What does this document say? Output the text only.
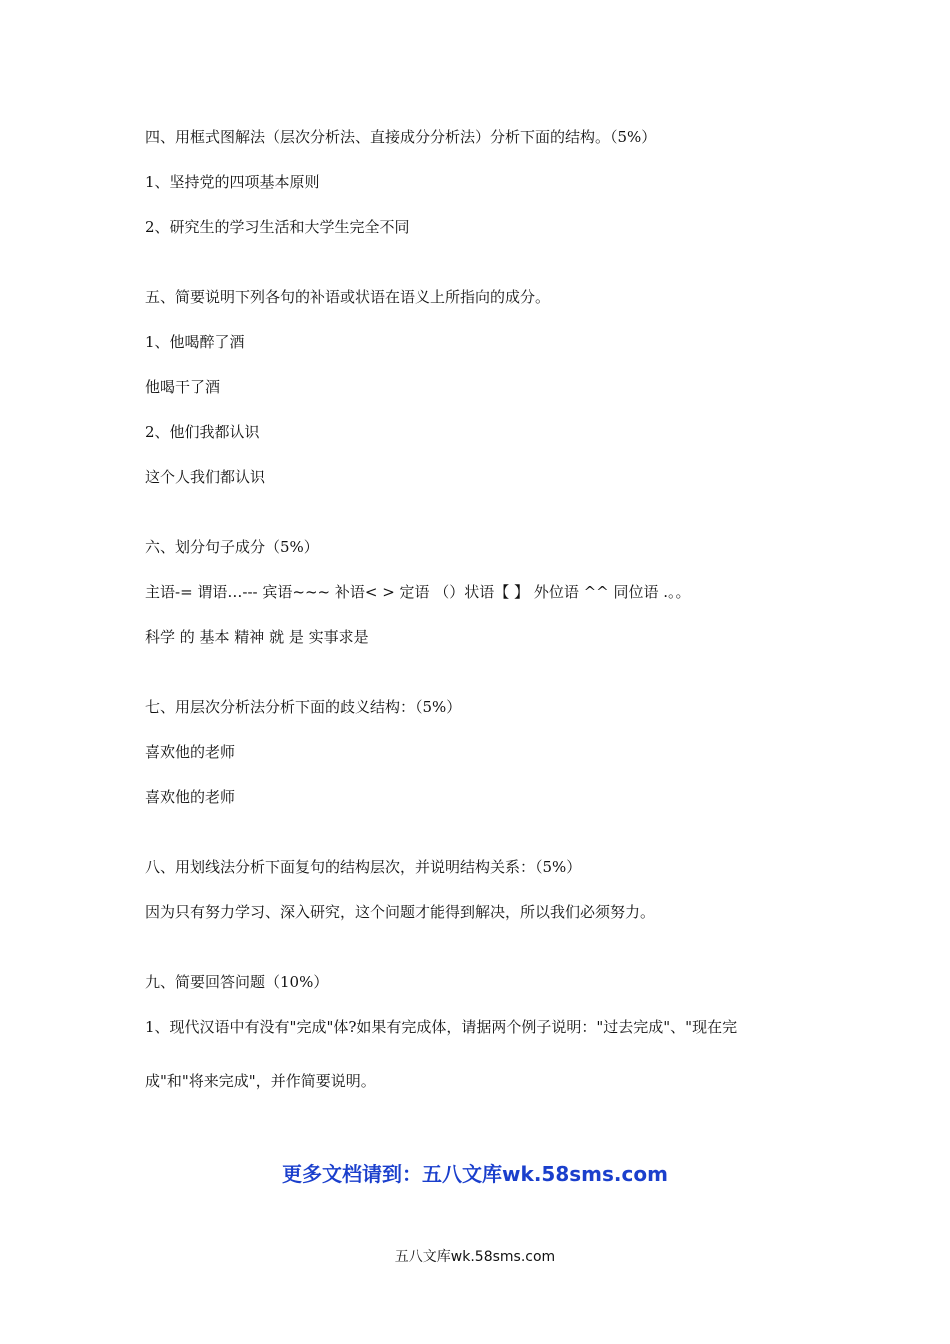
四、用框式图解法（层次分析法、直接成分分析法）分析下面的结构。（5%）
1、坚持党的四项基本原则
2、研究生的学习生活和大学生完全不同
五、简要说明下列各句的补语或状语在语义上所指向的成分。
1、他喝醉了酒
他喝干了酒
2、他们我都认识
这个人我们都认识
六、划分句子成分（5%）
主语-= 谓语…--- 宾语~~~ 补语< > 定语 （）状语【 】 外位语 ^^ 同位语 .。。
科学 的 基本 精神 就 是 实事求是
七、用层次分析法分析下面的歧义结构：（5%）
喜欢他的老师
喜欢他的老师
八、用划线法分析下面复句的结构层次，并说明结构关系：（5%）
因为只有努力学习、深入研究，这个问题才能得到解决，所以我们必须努力。
九、简要回答问题（10%）
1、现代汉语中有没有"完成"体?如果有完成体，请据两个例子说明："过去完成"、"现在完
成"和"将来完成"，并作简要说明。
更多文档请到：五八文库wk.58sms.com
五八文库wk.58sms.com
